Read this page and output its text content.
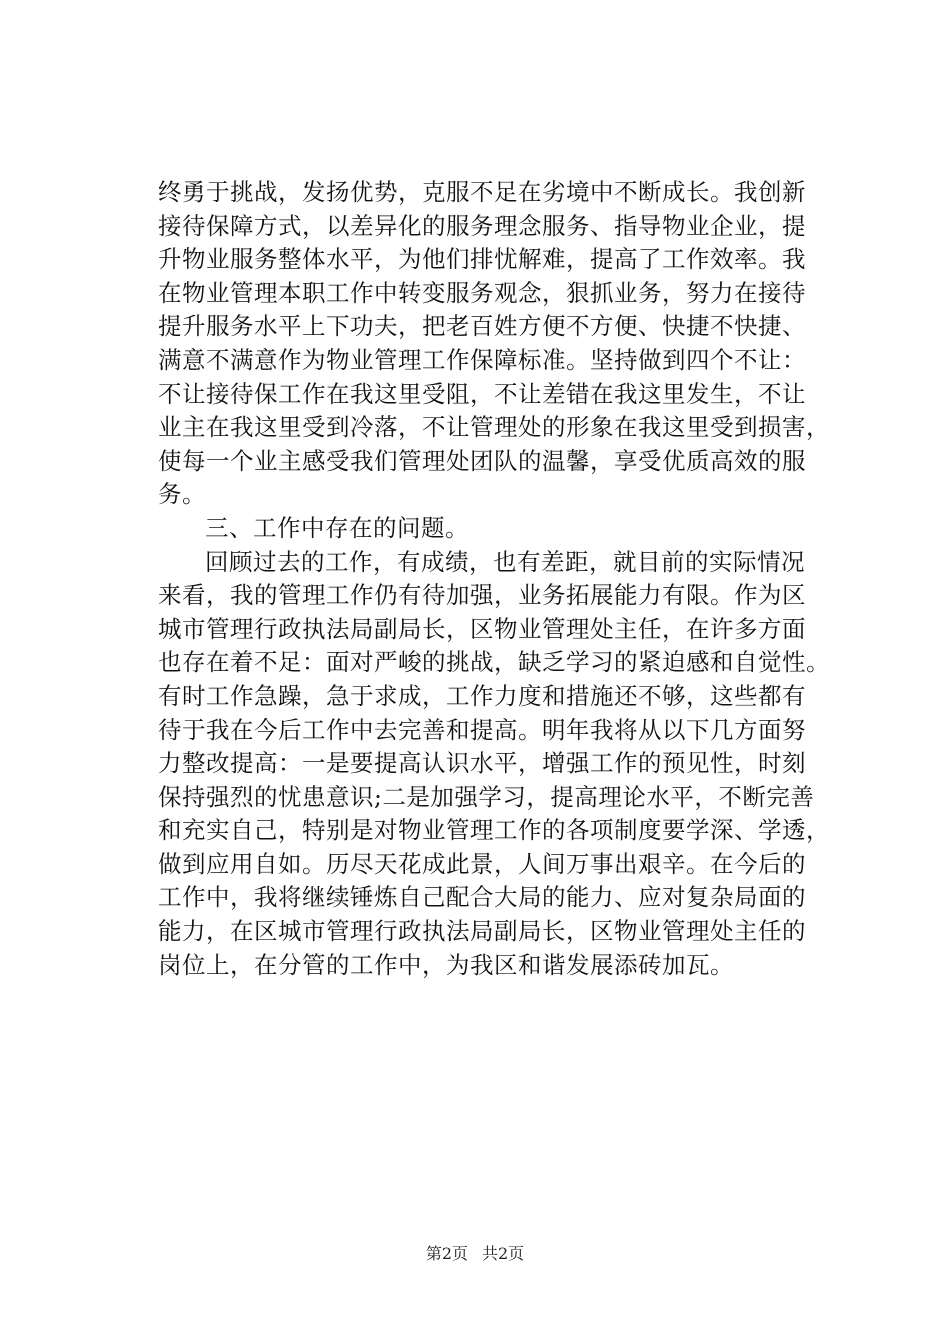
终勇于挑战，发扬优势，克服不足在劣境中不断成长。我创新
接待保障方式，以差异化的服务理念服务、指导物业企业，提
升物业服务整体水平，为他们排忧解难，提高了工作效率。我
在物业管理本职工作中转变服务观念，狠抓业务，努力在接待
提升服务水平上下功夫，把老百姓方便不方便、快捷不快捷、
满意不满意作为物业管理工作保障标准。坚持做到四个不让：
不让接待保工作在我这里受阻，不让差错在我这里发生，不让
业主在我这里受到冷落，不让管理处的形象在我这里受到损害，
使每一个业主感受我们管理处团队的温馨，享受优质高效的服
务。
三、工作中存在的问题。
回顾过去的工作，有成绩，也有差距，就目前的实际情况
来看，我的管理工作仍有待加强，业务拓展能力有限。作为区
城市管理行政执法局副局长，区物业管理处主任，在许多方面
也存在着不足：面对严峻的挑战，缺乏学习的紧迫感和自觉性。
有时工作急躁，急于求成，工作力度和措施还不够，这些都有
待于我在今后工作中去完善和提高。明年我将从以下几方面努
力整改提高：一是要提高认识水平，增强工作的预见性，时刻
保持强烈的忧患意识;二是加强学习，提高理论水平，不断完善
和充实自己，特别是对物业管理工作的各项制度要学深、学透，
做到应用自如。历尽天花成此景，人间万事出艰辛。在今后的
工作中，我将继续锤炼自己配合大局的能力、应对复杂局面的
能力，在区城市管理行政执法局副局长，区物业管理处主任的
岗位上，在分管的工作中，为我区和谐发展添砖加瓦。
第2页 共2页
